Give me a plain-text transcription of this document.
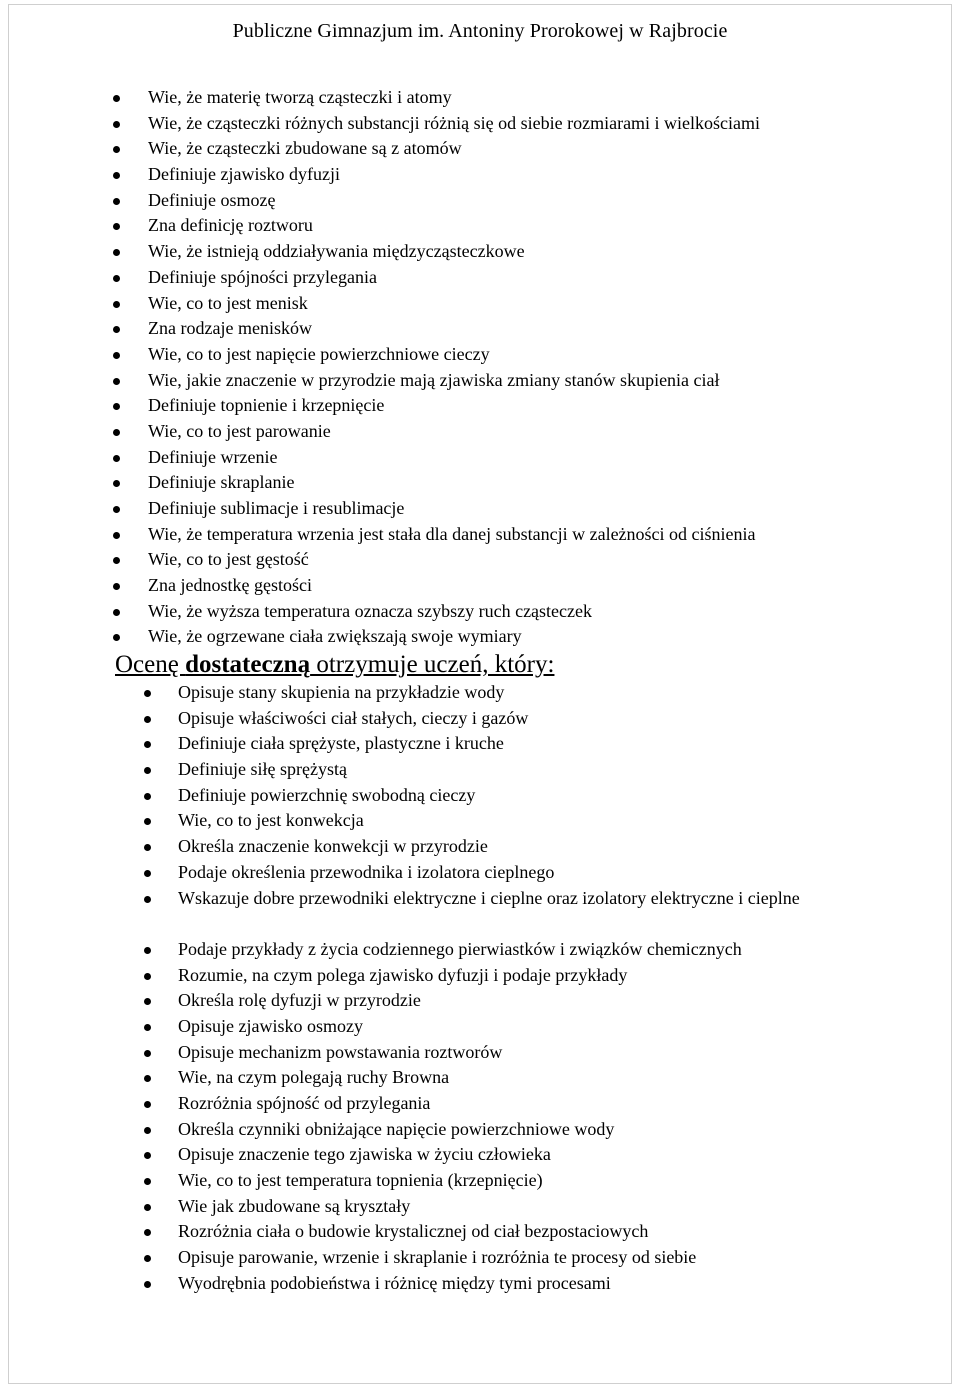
Publiczne Gimnazjum im. Antoniny Prorokowej w Rajbrocie
Wie, że materię tworzą cząsteczki i atomy
Wie, że cząsteczki różnych substancji różnią się od siebie rozmiarami i wielkościami
Wie, że cząsteczki zbudowane są z atomów
Definiuje zjawisko dyfuzji
Definiuje osmozę
Zna definicję roztworu
Wie, że istnieją oddziaływania międzycząsteczkowe
Definiuje spójności przylegania
Wie, co to jest menisk
Zna rodzaje menisków
Wie, co to jest napięcie powierzchniowe cieczy
Wie, jakie znaczenie w przyrodzie mają zjawiska zmiany stanów skupienia ciał
Definiuje topnienie i krzepnięcie
Wie, co to jest parowanie
Definiuje wrzenie
Definiuje skraplanie
Definiuje sublimacje i resublimacje
Wie, że temperatura wrzenia jest stała dla danej substancji w zależności od ciśnienia
Wie, co to jest gęstość
Zna jednostkę gęstości
Wie, że wyższa temperatura oznacza szybszy ruch cząsteczek
Wie, że ogrzewane ciała zwiększają swoje wymiary
Ocenę dostateczną otrzymuje uczeń, który:
Opisuje stany skupienia na przykładzie wody
Opisuje właściwości ciał stałych, cieczy i gazów
Definiuje ciała sprężyste, plastyczne i kruche
Definiuje siłę sprężystą
Definiuje powierzchnię swobodną cieczy
Wie, co to jest konwekcja
Określa znaczenie konwekcji w przyrodzie
Podaje określenia przewodnika i izolatora cieplnego
Wskazuje dobre przewodniki elektryczne i cieplne oraz izolatory elektryczne i cieplne
Podaje przykłady z życia codziennego pierwiastków i związków chemicznych
Rozumie, na czym polega zjawisko dyfuzji i podaje przykłady
Określa rolę dyfuzji w przyrodzie
Opisuje zjawisko osmozy
Opisuje mechanizm powstawania roztworów
Wie, na czym polegają ruchy Browna
Rozróżnia spójność od przylegania
Określa czynniki obniżające napięcie powierzchniowe wody
Opisuje znaczenie tego zjawiska w życiu człowieka
Wie, co to jest temperatura topnienia (krzepnięcie)
Wie jak zbudowane są kryształy
Rozróżnia ciała o budowie krystalicznej od ciał bezpostaciowych
Opisuje parowanie, wrzenie i skraplanie i rozróżnia te procesy od siebie
Wyodrębnia podobieństwa i różnicę między tymi procesami
